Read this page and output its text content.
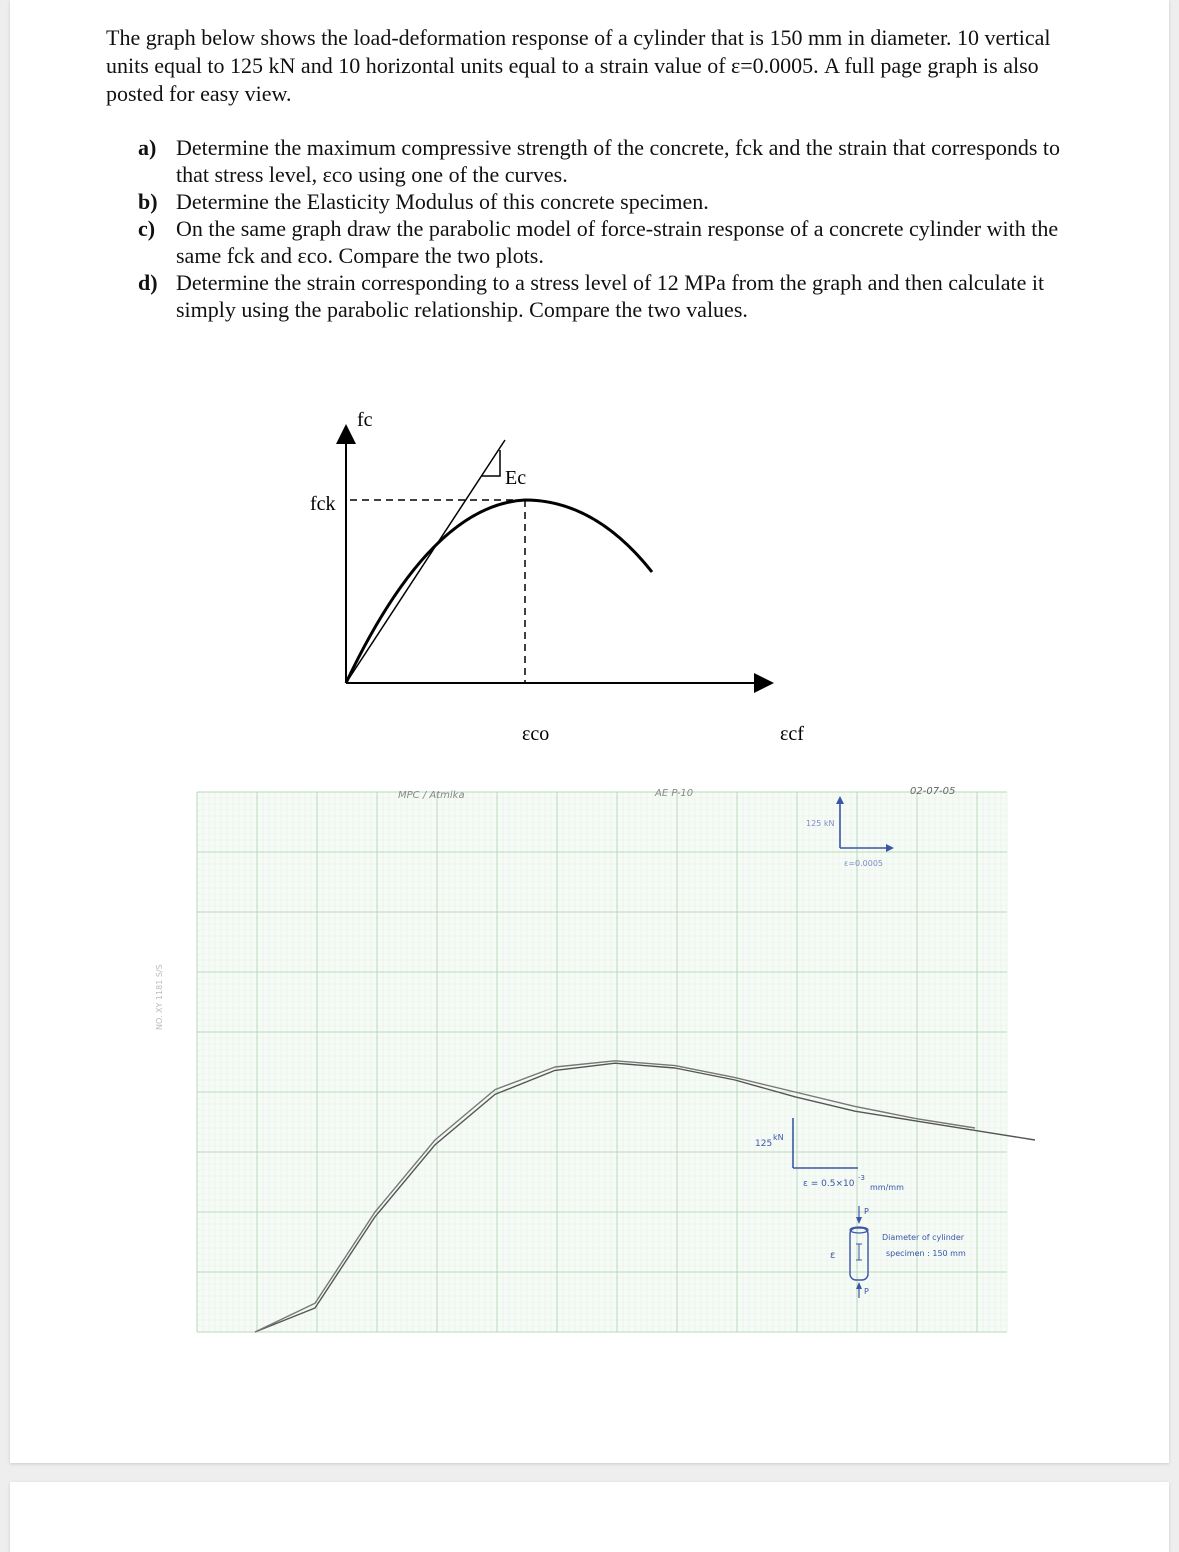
The graph below shows the load-deformation response of a cylinder that is 150 mm in diameter. 10 vertical
units equal to 125 kN and 10 horizontal units equal to a strain value of ε=0.0005. A full page graph is also
posted for easy view.
a) Determine the maximum compressive strength of the concrete, fck and the strain that corresponds to
that stress level, εco using one of the curves.
b) Determine the Elasticity Modulus of this concrete specimen.
c) On the same graph draw the parabolic model of force-strain response of a concrete cylinder with the
same fck and εco. Compare the two plots.
d) Determine the strain corresponding to a stress level of 12 MPa from the graph and then calculate it
simply using the parabolic relationship. Compare the two values.
fc
fck
Ec
εco	εcf
MPC / Atmika	AE P-10	02-07-05
125 kN
ε=0.0005
125
kN
ε = 0.5×10
-3
mm/mm
P
ε
P
Diameter of cylinder
specimen : 150 mm
NO. XY 1181 S/S
